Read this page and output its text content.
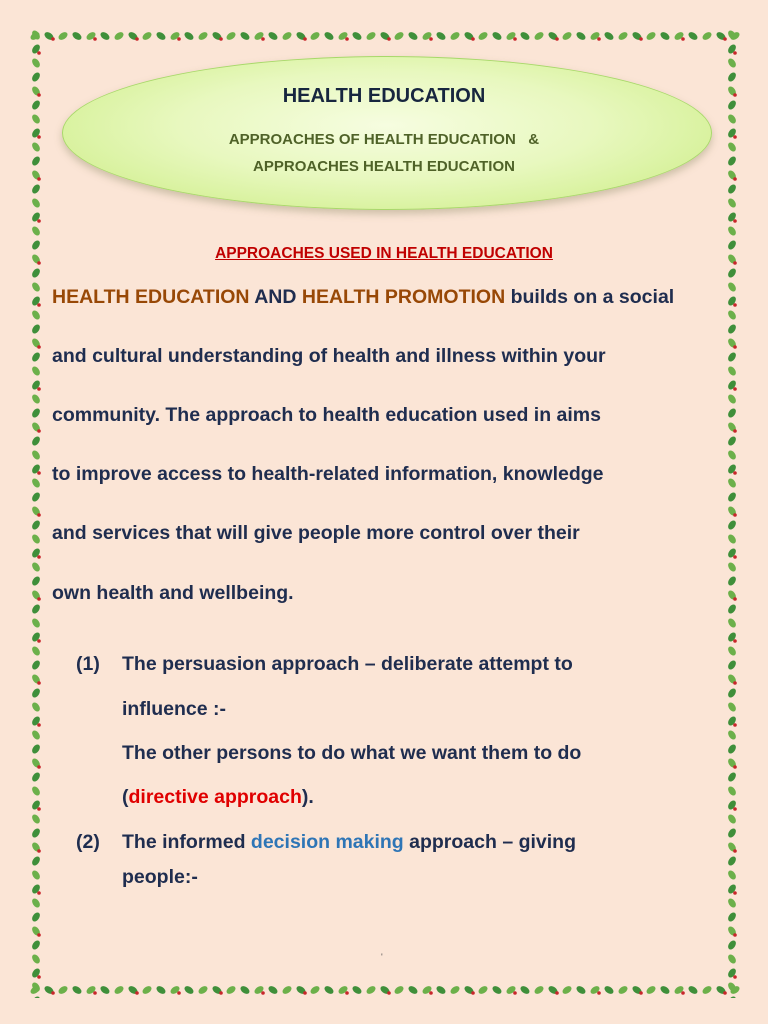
HEALTH EDUCATION
APPROACHES OF HEALTH EDUCATION   &
APPROACHES HEALTH EDUCATION
APPROACHES USED IN HEALTH EDUCATION
HEALTH EDUCATION AND HEALTH PROMOTION builds on a social
and cultural understanding of health and illness within your
community. The approach to health education used in aims
to improve access to health-related information, knowledge
and services that will give people more control over their
own health and wellbeing.
(1) The persuasion approach – deliberate attempt to
influence :-
The other persons to do what we want them to do
(directive approach).
(2) The informed decision making approach – giving
people:-
'
